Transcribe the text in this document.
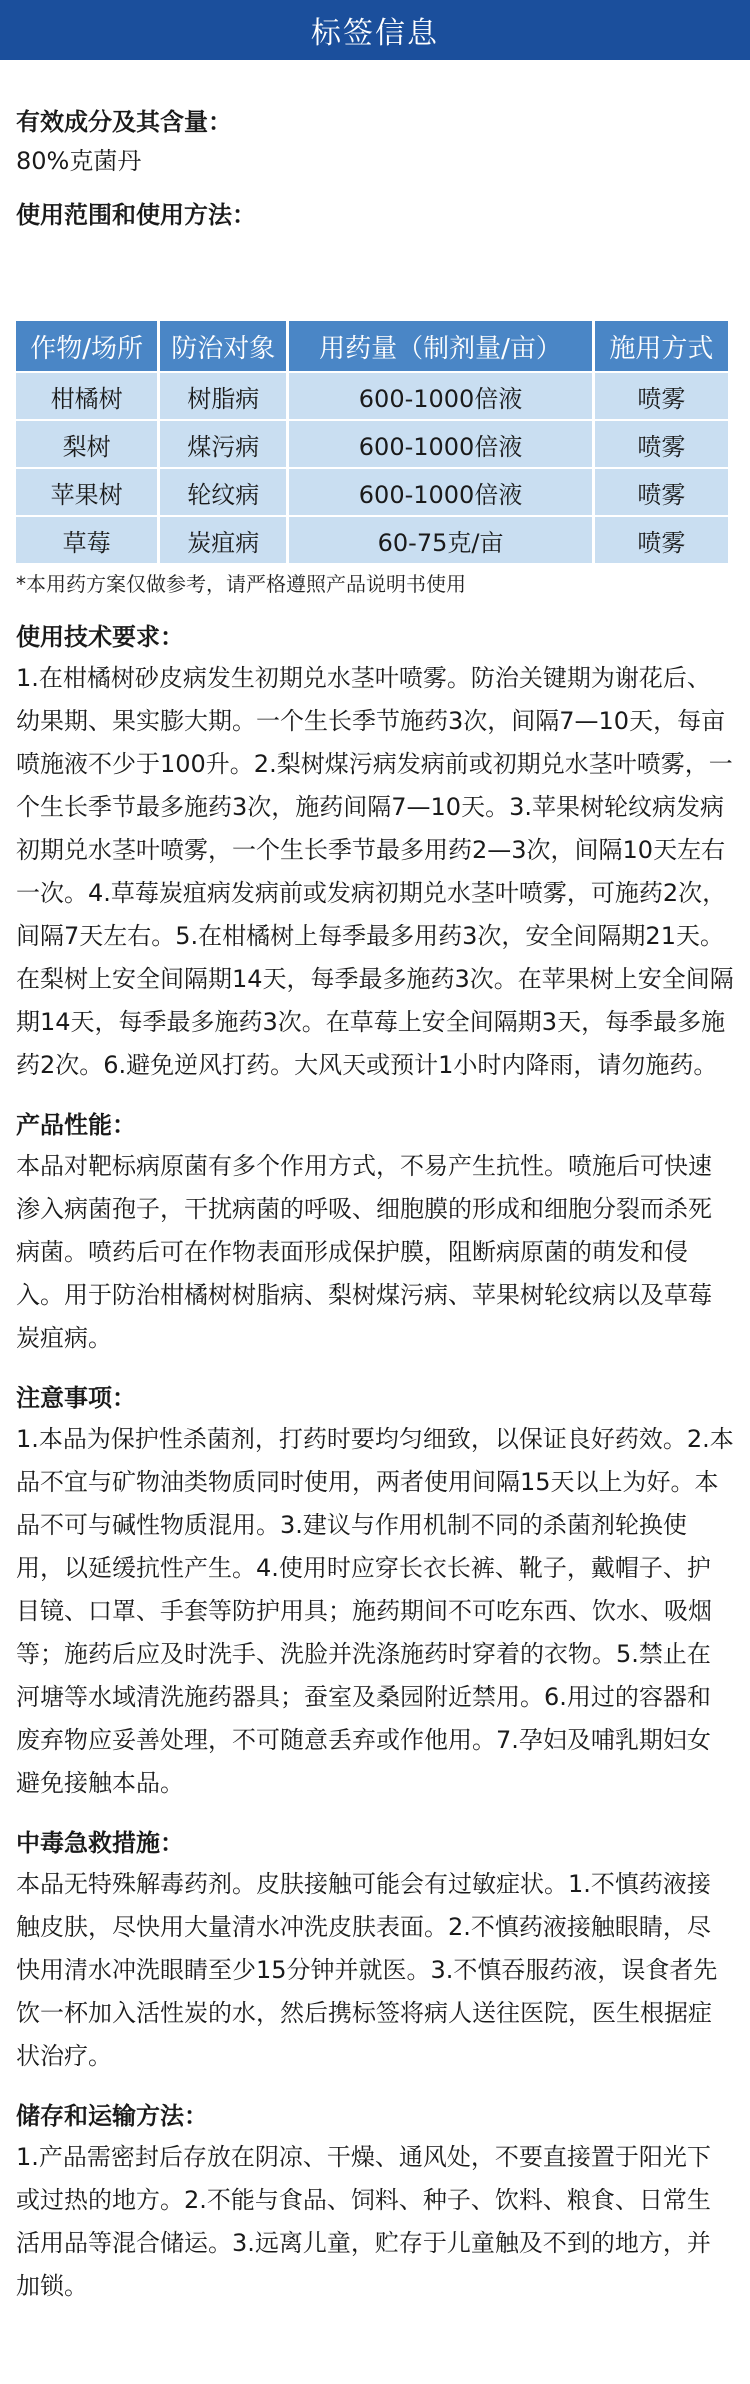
标签信息
有效成分及其含量：

80%克菌丹

使用范围和使用方法：
作物/场所	防治对象	用药量（制剂量/亩）	施用方式
柑橘树	树脂病	600-1000倍液	喷雾
梨树	煤污病	600-1000倍液	喷雾
苹果树	轮纹病	600-1000倍液	喷雾
草莓	炭疽病	60-75克/亩	喷雾

*本用药方案仅做参考，请严格遵照产品说明书使用

使用技术要求：

1.在柑橘树砂皮病发生初期兑水茎叶喷雾。防治关键期为谢花后、幼果期、果实膨大期。一个生长季节施药3次，间隔7—10天，每亩喷施液不少于100升。2.梨树煤污病发病前或初期兑水茎叶喷雾，一个生长季节最多施药3次，施药间隔7—10天。3.苹果树轮纹病发病初期兑水茎叶喷雾，一个生长季节最多用药2—3次，间隔10天左右一次。4.草莓炭疽病发病前或发病初期兑水茎叶喷雾，可施药2次，间隔7天左右。5.在柑橘树上每季最多用药3次，安全间隔期21天。在梨树上安全间隔期14天，每季最多施药3次。在苹果树上安全间隔期14天，每季最多施药3次。在草莓上安全间隔期3天，每季最多施药2次。6.避免逆风打药。大风天或预计1小时内降雨，请勿施药。

产品性能：

本品对靶标病原菌有多个作用方式，不易产生抗性。喷施后可快速渗入病菌孢子，干扰病菌的呼吸、细胞膜的形成和细胞分裂而杀死病菌。喷药后可在作物表面形成保护膜，阻断病原菌的萌发和侵入。用于防治柑橘树树脂病、梨树煤污病、苹果树轮纹病以及草莓炭疽病。

注意事项：

1.本品为保护性杀菌剂，打药时要均匀细致，以保证良好药效。2.本品不宜与矿物油类物质同时使用，两者使用间隔15天以上为好。本品不可与碱性物质混用。3.建议与作用机制不同的杀菌剂轮换使用，以延缓抗性产生。4.使用时应穿长衣长裤、靴子，戴帽子、护目镜、口罩、手套等防护用具；施药期间不可吃东西、饮水、吸烟等；施药后应及时洗手、洗脸并洗涤施药时穿着的衣物。5.禁止在河塘等水域清洗施药器具；蚕室及桑园附近禁用。6.用过的容器和废弃物应妥善处理，不可随意丢弃或作他用。7.孕妇及哺乳期妇女避免接触本品。

中毒急救措施：

本品无特殊解毒药剂。皮肤接触可能会有过敏症状。1.不慎药液接触皮肤，尽快用大量清水冲洗皮肤表面。2.不慎药液接触眼睛，尽快用清水冲洗眼睛至少15分钟并就医。3.不慎吞服药液，误食者先饮一杯加入活性炭的水，然后携标签将病人送往医院，医生根据症状治疗。

储存和运输方法：

1.产品需密封后存放在阴凉、干燥、通风处，不要直接置于阳光下或过热的地方。2.不能与食品、饲料、种子、饮料、粮食、日常生活用品等混合储运。3.远离儿童，贮存于儿童触及不到的地方，并加锁。
